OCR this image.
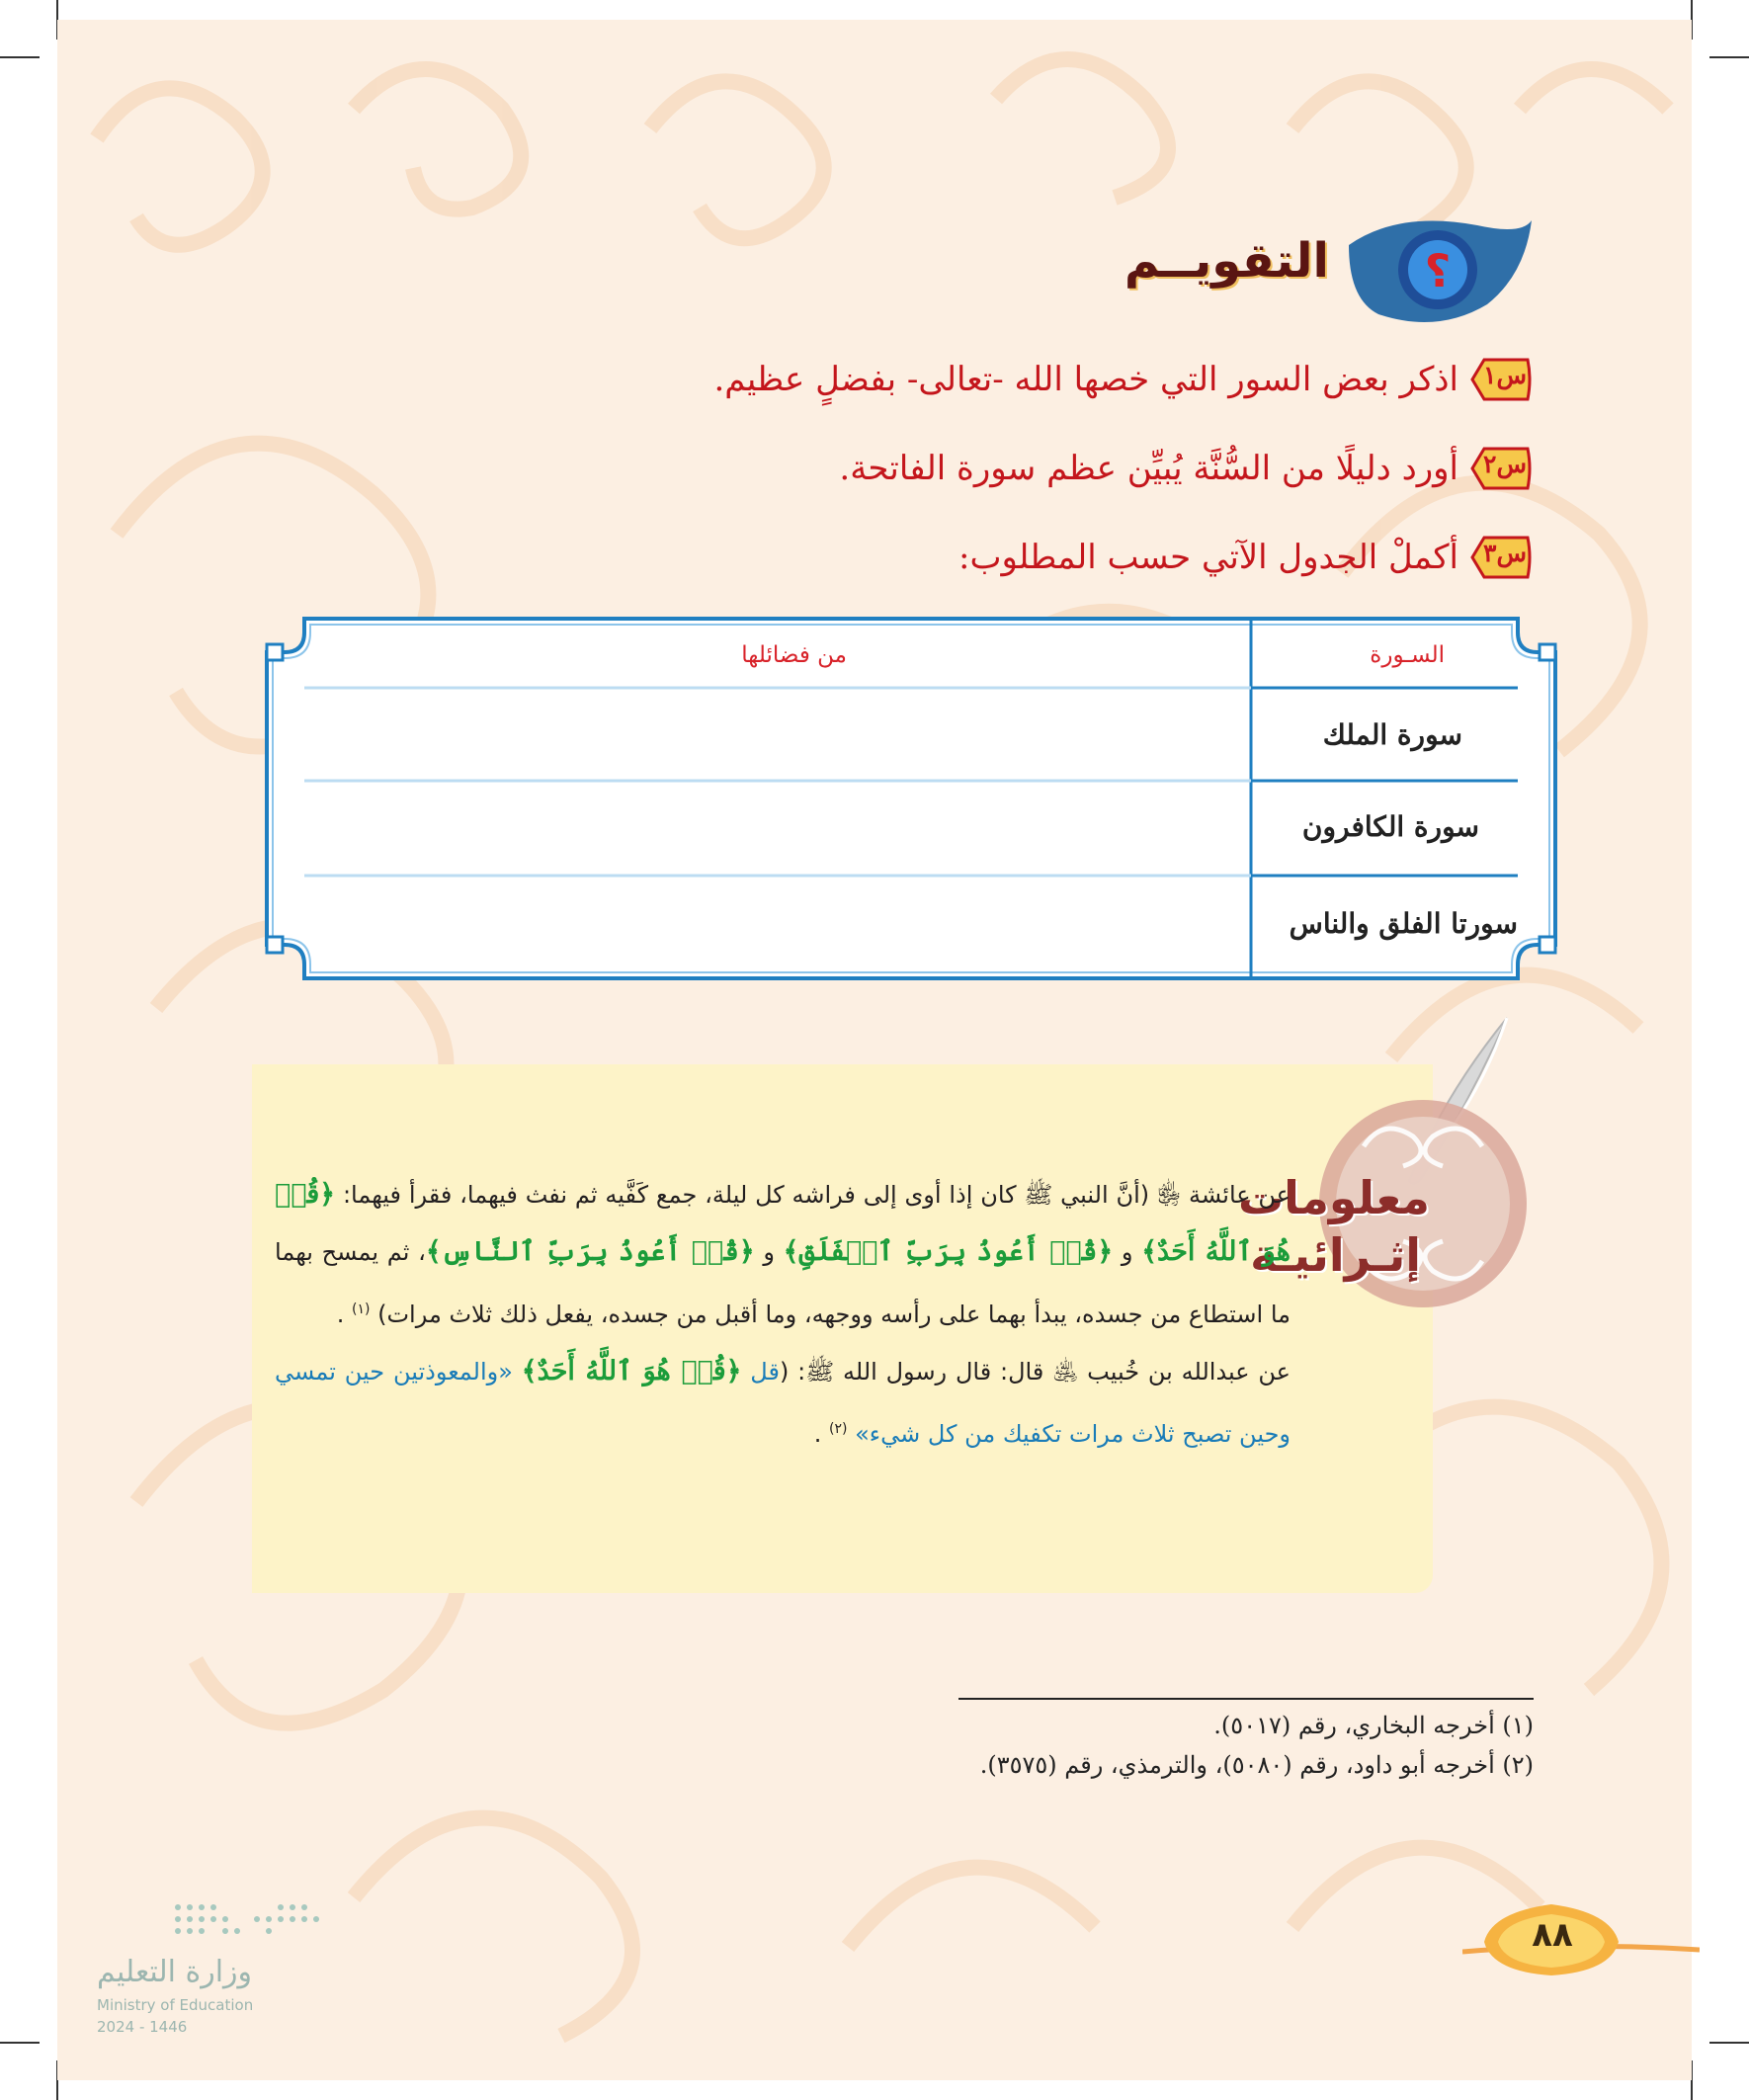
؟
التقويــم
س١
اذكر بعض السور التي خصها الله -تعالى- بفضلٍ عظيم.
س٢
أورد دليلًا من السُّنَّة يُبيِّن عظم سورة الفاتحة.
س٣
أكملْ الجدول الآتي حسب المطلوب:
السـورة
من فضائلها
سورة الملك
سورة الكافرون
سورتا الفلق والناس
معلومات
إثـرائيـة

عن عائشة ﵂ (أنَّ النبي ﷺ كان إذا أوى إلى فراشه كل ليلة، جمع كَفَّيه ثم نفث فيهما، فقرأ فيهما: ﴿قُلۡ هُوَ ٱللَّهُ أَحَدٌ﴾ و ﴿قُلۡ أَعُوذُ بِرَبِّ ٱلۡفَلَقِ﴾ و ﴿قُلۡ أَعُوذُ بِرَبِّ ٱلنَّاسِ﴾، ثم يمسح بهما ما استطاع من جسده، يبدأ بهما على رأسه ووجهه، وما أقبل من جسده، يفعل ذلك ثلاث مرات) $^{(١)}$ .

عن عبدالله بن خُبيب ﵁ قال: قال رسول الله ﷺ: (قل ﴿قُلۡ هُوَ ٱللَّهُ أَحَدٌ﴾ «والمعوذتين حين تمسي وحين تصبح ثلاث مرات تكفيك من كل شيء» $^{(٢)}$ .

(١) أخرجه البخاري، رقم (٥٠١٧).
(٢) أخرجه أبو داود، رقم (٥٠٨٠)، والترمذي، رقم (٣٥٧٥).
٨٨
وزارة التعليم
Ministry of Education
2024 - 1446
